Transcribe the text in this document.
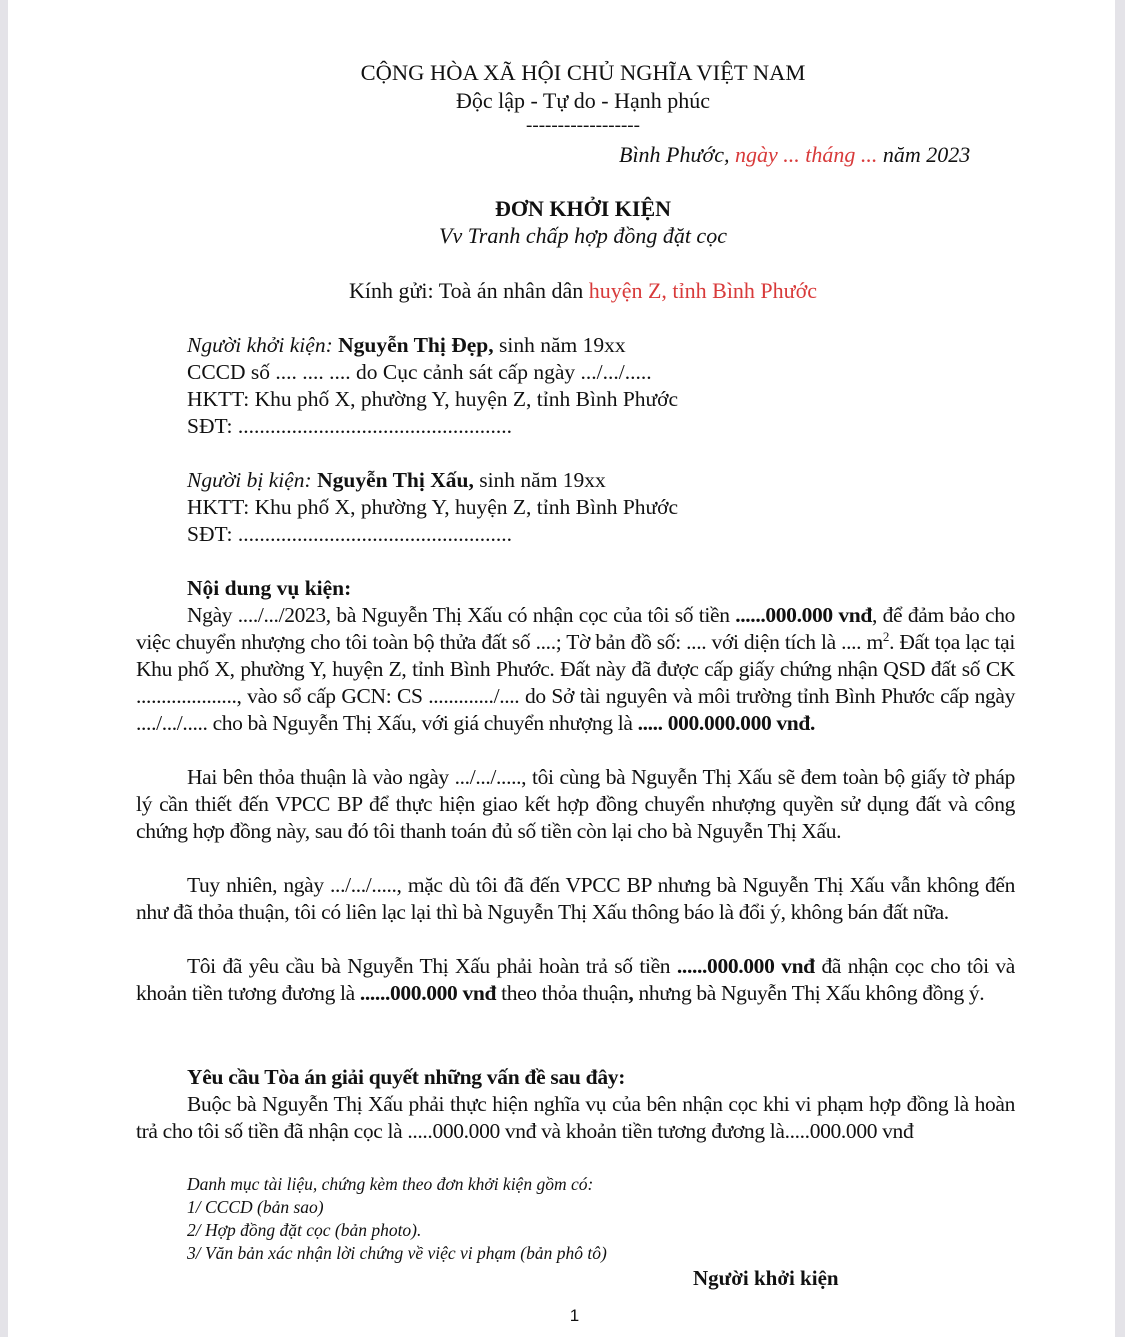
CỘNG HÒA XÃ HỘI CHỦ NGHĨA VIỆT NAM
Độc lập - Tự do - Hạnh phúc
------------------
Bình Phước, ngày ... tháng ... năm 2023
ĐƠN KHỞI KIỆN
Vv Tranh chấp hợp đồng đặt cọc
Kính gửi: Toà án nhân dân huyện Z, tỉnh Bình Phước
Người khởi kiện: Nguyễn Thị Đẹp, sinh năm 19xx
CCCD số .... .... .... do Cục cảnh sát cấp ngày .../.../.....
HKTT: Khu phố X, phường Y, huyện Z, tỉnh Bình Phước
SĐT: ...................................................
Người bị kiện: Nguyễn Thị Xấu, sinh năm 19xx
HKTT: Khu phố X, phường Y, huyện Z, tỉnh Bình Phước
SĐT: ...................................................
Nội dung vụ kiện:
Ngày ..../.../2023, bà Nguyễn Thị Xấu có nhận cọc của tôi số tiền ......000.000 vnđ, để đảm bảo cho việc chuyển nhượng cho tôi toàn bộ thửa đất số ....; Tờ bản đồ số: .... với diện tích là .... $m^2$. Đất tọa lạc tại Khu phố X, phường Y, huyện Z, tỉnh Bình Phước. Đất này đã được cấp giấy chứng nhận QSD đất số CK ...................., vào sổ cấp GCN: CS ............./.... do Sở tài nguyên và môi trường tỉnh Bình Phước cấp ngày ..../.../..... cho bà Nguyễn Thị Xấu, với giá chuyển nhượng là ..... 000.000.000 vnđ.
Hai bên thỏa thuận là vào ngày .../.../....., tôi cùng bà Nguyễn Thị Xấu sẽ đem toàn bộ giấy tờ pháp lý cần thiết đến VPCC BP để thực hiện giao kết hợp đồng chuyển nhượng quyền sử dụng đất và công chứng hợp đồng này, sau đó tôi thanh toán đủ số tiền còn lại cho bà Nguyễn Thị Xấu.
Tuy nhiên, ngày .../.../....., mặc dù tôi đã đến VPCC BP nhưng bà Nguyễn Thị Xấu vẫn không đến như đã thỏa thuận, tôi có liên lạc lại thì bà Nguyễn Thị Xấu thông báo là đổi ý, không bán đất nữa.
Tôi đã yêu cầu bà Nguyễn Thị Xấu phải hoàn trả số tiền ......000.000 vnđ đã nhận cọc cho tôi và khoản tiền tương đương là ......000.000 vnđ theo thỏa thuận, nhưng bà Nguyễn Thị Xấu không đồng ý.
Yêu cầu Tòa án giải quyết những vấn đề sau đây:
Buộc bà Nguyễn Thị Xấu phải thực hiện nghĩa vụ của bên nhận cọc khi vi phạm hợp đồng là hoàn trả cho tôi số tiền đã nhận cọc là .....000.000 vnđ và khoản tiền tương đương là.....000.000 vnđ
Danh mục tài liệu, chứng kèm theo đơn khởi kiện gồm có:
1/ CCCD (bản sao)
2/ Hợp đồng đặt cọc (bản photo).
3/ Văn bản xác nhận lời chứng về việc vi phạm (bản phô tô)
Người khởi kiện
1
